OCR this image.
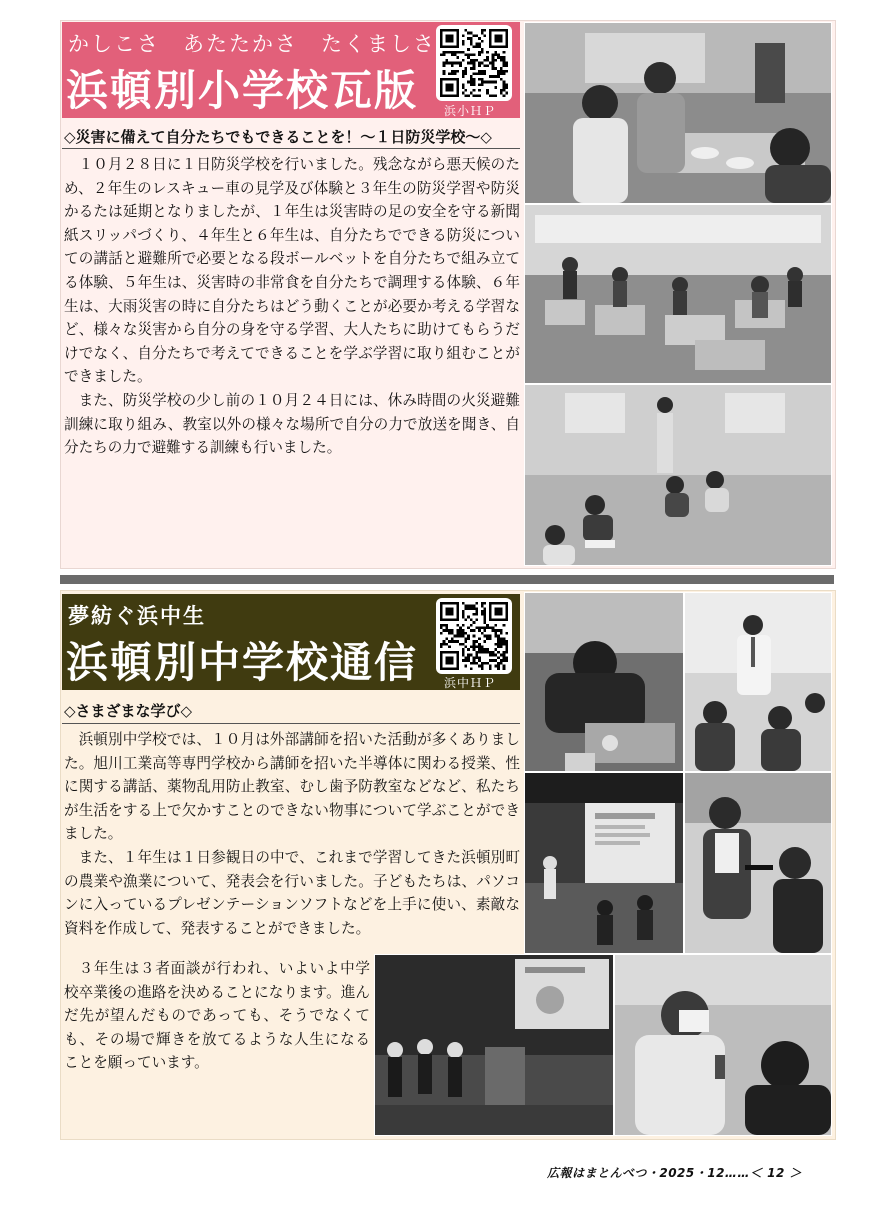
かしこさ　あたたかさ　たくましさ
浜頓別小学校瓦版 浜小ＨＰ
◇災害に備えて自分たちでもできることを！～１日防災学校～◇

１０月２８日に１日防災学校を行いました。残念ながら悪天候のため、２年生のレスキュー車の見学及び体験と３年生の防災学習や防災かるたは延期となりましたが、１年生は災害時の足の安全を守る新聞紙スリッパづくり、４年生と６年生は、自分たちでできる防災についての講話と避難所で必要となる段ボールベットを自分たちで組み立てる体験、５年生は、災害時の非常食を自分たちで調理する体験、６年生は、大雨災害の時に自分たちはどう動くことが必要か考える学習など、様々な災害から自分の身を守る学習、大人たちに助けてもらうだけでなく、自分たちで考えてできることを学ぶ学習に取り組むことができました。

また、防災学校の少し前の１０月２４日には、休み時間の火災避難訓練に取り組み、教室以外の様々な場所で自分の力で放送を聞き、自分たちの力で避難する訓練も行いました。

夢紡ぐ浜中生
浜頓別中学校通信 浜中ＨＰ
◇さまざまな学び◇

浜頓別中学校では、１０月は外部講師を招いた活動が多くありました。旭川工業高等専門学校から講師を招いた半導体に関わる授業、性に関する講話、薬物乱用防止教室、むし歯予防教室などなど、私たちが生活をする上で欠かすことのできない物事について学ぶことができました。

また、１年生は１日参観日の中で、これまで学習してきた浜頓別町の農業や漁業について、発表会を行いました。子どもたちは、パソコンに入っているプレゼンテーションソフトなどを上手に使い、素敵な資料を作成して、発表することができました。

３年生は３者面談が行われ、いよいよ中学校卒業後の進路を決めることになります。進んだ先が望んだものであっても、そうでなくても、その場で輝きを放てるような人生になることを願っています。

広報はまとんべつ・2025・12……＜ 12 ＞
